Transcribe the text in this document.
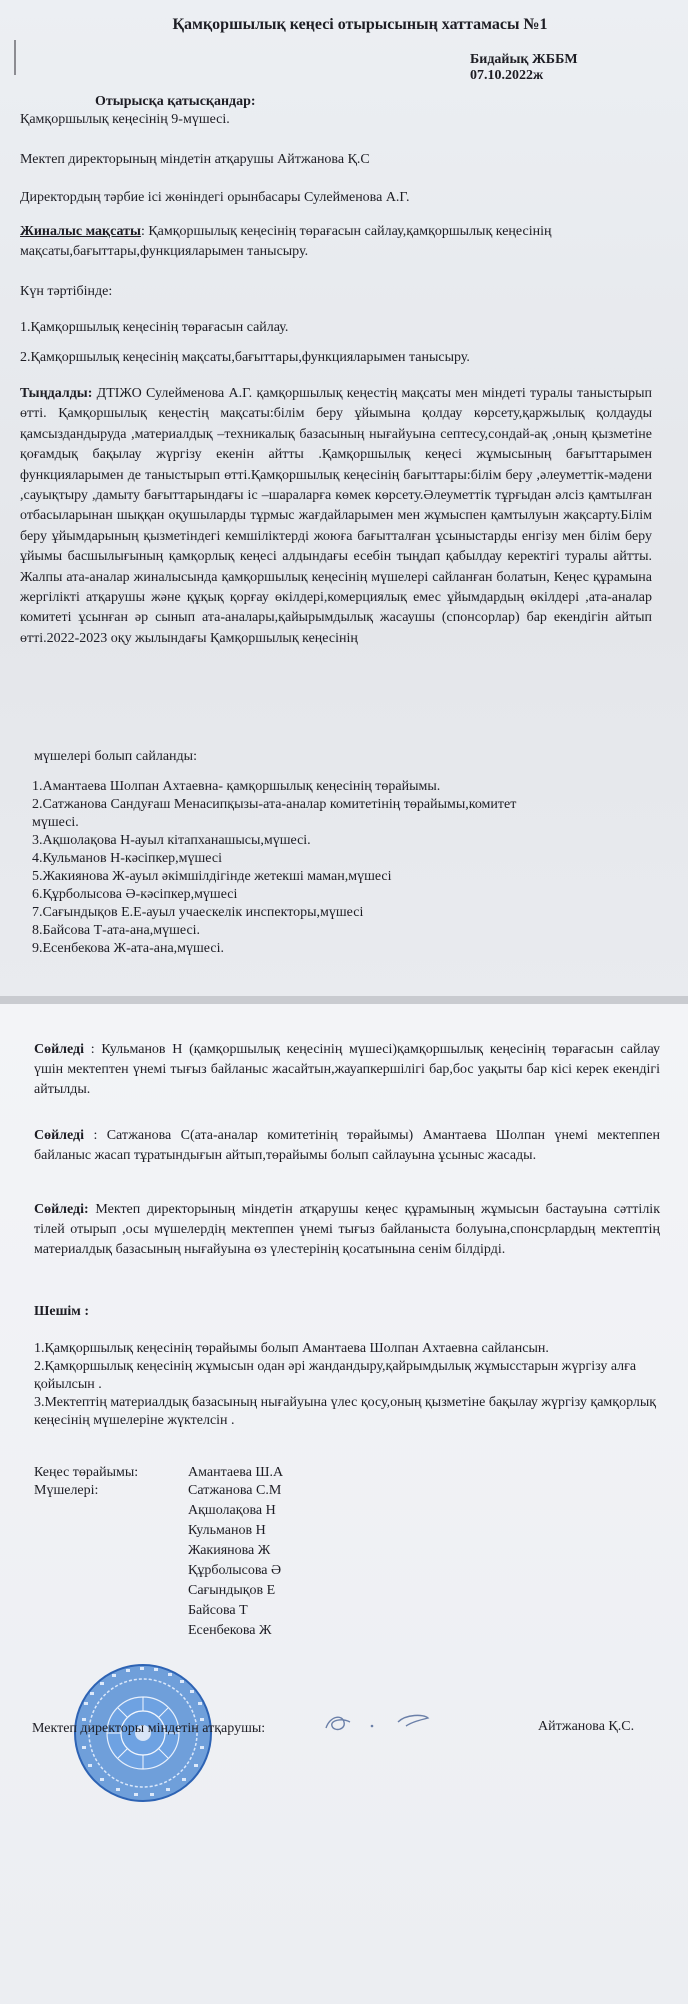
Қамқоршылық кеңесі отырысының хаттамасы №1
Бидайық ЖББМ
07.10.2022ж
Отырысқа қатысқандар:
Қамқоршылық кеңесінің 9-мүшесі.
Мектеп директорының міндетін атқарушы Айтжанова Қ.С
Директордың тәрбие ісі жөніндегі орынбасары Сулейменова А.Г.
Жиналыс мақсаты: Қамқоршылық кеңесінің төрағасын сайлау,қамқоршылық кеңесінің мақсаты,бағыттары,функцияларымен танысыру.
Күн тәртібінде:
1.Қамқоршылық кеңесінің төрағасын сайлау.
2.Қамқоршылық кеңесінің мақсаты,бағыттары,функцияларымен танысыру.
Тыңдалды: ДТІЖО Сулейменова А.Г. қамқоршылық кеңестің мақсаты мен міндеті туралы таныстырып өтті. Қамқоршылық кеңестің мақсаты:білім беру ұйымына қолдау көрсету,қаржылық қолдауды қамсыздандыруда ,материалдық –техникалық базасының нығайуына септесу,сондай-ақ ,оның қызметіне қоғамдық бақылау жүргізу екенін айтты .Қамқоршылық кеңесі жұмысының бағыттарымен функцияларымен де таныстырып өтті.Қамқоршылық кеңесінің бағыттары:білім беру ,әлеуметтік-мәдени ,сауықтыру ,дамыту бағыттарындағы іс –шараларға көмек көрсету.Әлеуметтік тұрғыдан әлсіз қамтылған отбасыларынан шыққан оқушыларды тұрмыс жағдайларымен мен жұмыспен қамтылуын жақсарту.Білім беру ұйымдарының қызметіндегі кемшіліктерді жоюға бағытталған ұсыныстарды енгізу мен білім беру ұйымы басшылығының қамқорлық кеңесі алдындағы есебін тыңдап қабылдау керектігі туралы айтты. Жалпы ата-аналар жиналысында қамқоршылық кеңесінің мүшелері сайланған болатын, Кеңес құрамына жергілікті атқарушы және құқық қорғау өкілдері,комерциялық емес ұйымдардың өкілдері ,ата-аналар комитеті ұсынған әр сынып ата-аналары,қайырымдылық жасаушы (спонсорлар) бар екендігін айтып өтті.2022-2023 оқу жылындағы Қамқоршылық кеңесінің
мүшелері болып сайланды:
1.Амантаева Шолпан Ахтаевна- қамқоршылық кеңесінің төрайымы.
2.Сатжанова Сандуғаш Менасипқызы-ата-аналар комитетінің төрайымы,комитет
мүшесі.
3.Ақшолақова Н-ауыл кітапханашысы,мүшесі.
4.Кульманов Н-кәсіпкер,мүшесі
5.Жакиянова Ж-ауыл әкімшілдігінде жетекші маман,мүшесі
6.Құрболысова Ә-кәсіпкер,мүшесі
7.Сағындықов Е.Е-ауыл учаескелік инспекторы,мүшесі
8.Байсова Т-ата-ана,мүшесі.
9.Есенбекова Ж-ата-ана,мүшесі.
Сөйледі : Кульманов Н (қамқоршылық кеңесінің мүшесі)қамқоршылық кеңесінің төрағасын сайлау үшін мектептен үнемі тығыз байланыс жасайтын,жауапкершілігі бар,бос уақыты бар кісі керек екендігі айтылды.
Сөйледі : Сатжанова С(ата-аналар комитетінің төрайымы) Амантаева Шолпан үнемі мектеппен байланыс жасап тұратындығын айтып,төрайымы болып сайлауына ұсыныс жасады.
Сөйледі: Мектеп директорының міндетін атқарушы кеңес құрамының жұмысын бастауына сәттілік тілей отырып ,осы мүшелердің мектеппен үнемі тығыз байланыста болуына,спонсрлардың мектептің материалдық базасының нығайуына өз үлестерінің қосатынына сенім білдірді.
Шешім :
1.Қамқоршылық кеңесінің төрайымы болып Амантаева Шолпан Ахтаевна сайлансын.
2.Қамқоршылық кеңесінің жұмысын одан әрі жандандыру,қайрымдылық жұмысстарын жүргізу алға қойылсын .
3.Мектептің материалдық базасының нығайуына үлес қосу,оның қызметіне бақылау жүргізу қамқорлық кеңесінің мүшелеріне жүктелсін .
Кеңес төрайымы:	Амантаева Ш.А
Мүшелері:	Сатжанова С.М
Ақшолақова Н
Кульманов Н
Жакиянова Ж
Құрболысова Ә
Сағындықов Е
Байсова Т
Есенбекова Ж
Мектеп директоры міндетін атқарушы:	Айтжанова Қ.С.
